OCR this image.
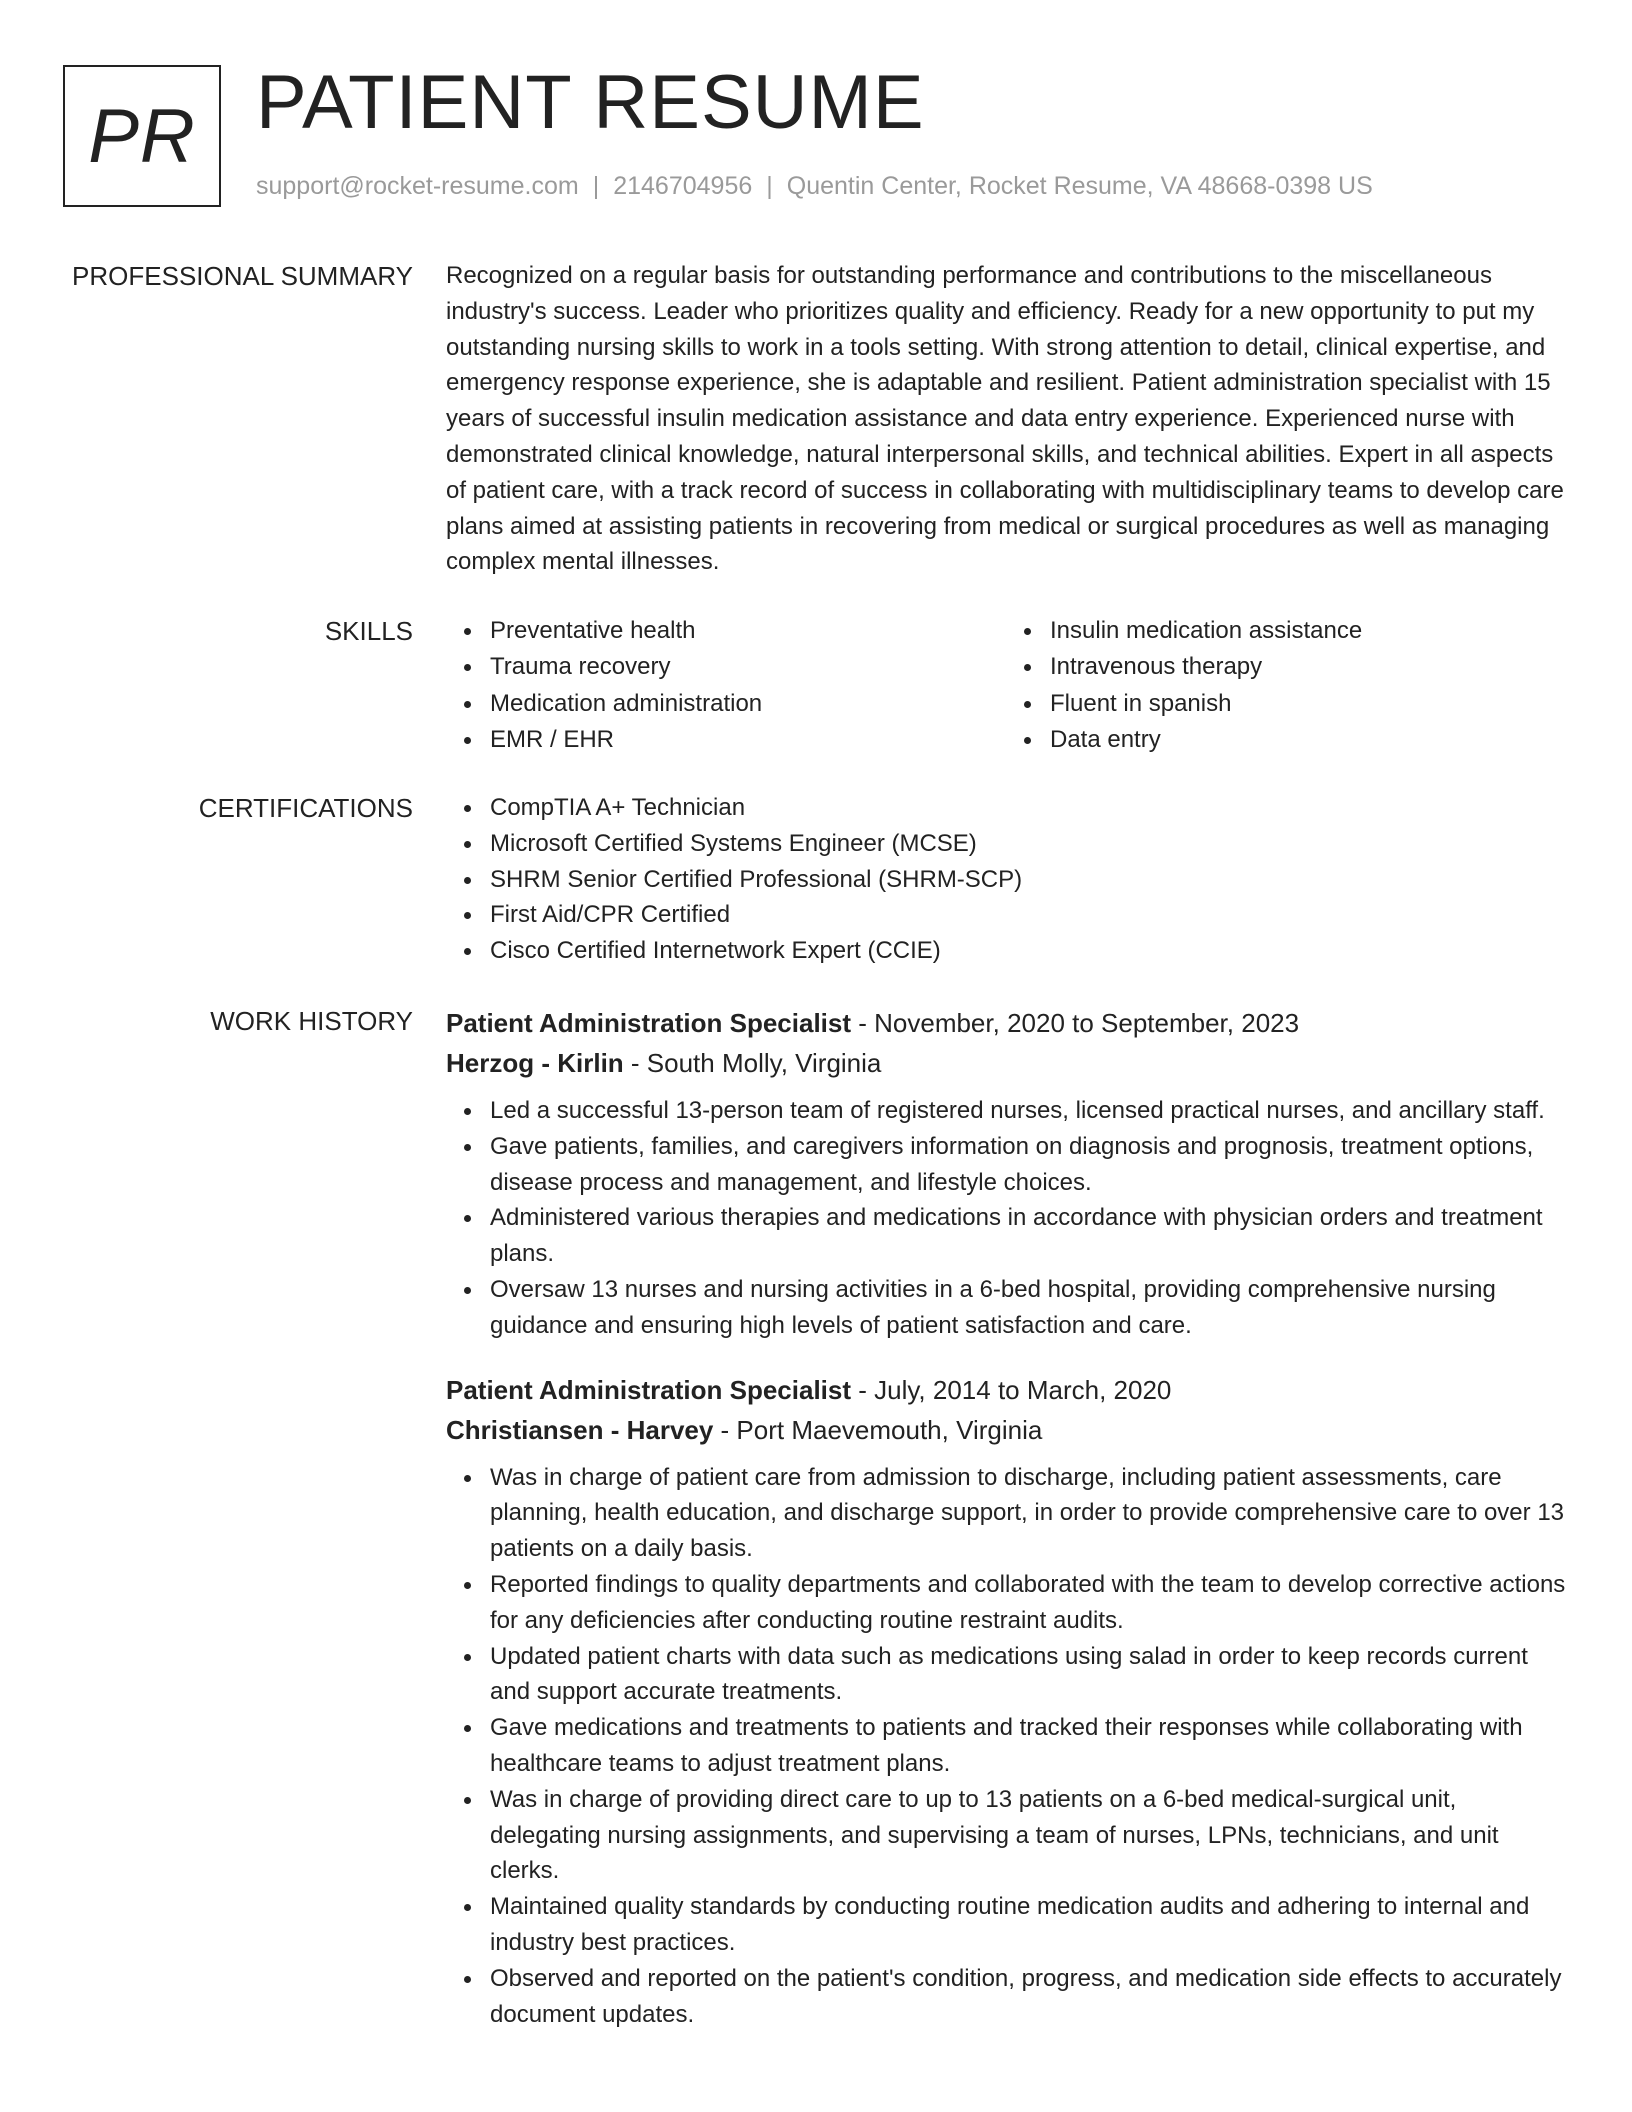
PR PATIENT RESUME
support@rocket-resume.com | 2146704956 | Quentin Center, Rocket Resume, VA 48668-0398 US
PROFESSIONAL SUMMARY Recognized on a regular basis for outstanding performance and contributions to the miscellaneous industry's success. Leader who prioritizes quality and efficiency. Ready for a new opportunity to put my outstanding nursing skills to work in a tools setting. With strong attention to detail, clinical expertise, and emergency response experience, she is adaptable and resilient. Patient administration specialist with 15 years of successful insulin medication assistance and data entry experience. Experienced nurse with demonstrated clinical knowledge, natural interpersonal skills, and technical abilities. Expert in all aspects of patient care, with a track record of success in collaborating with multidisciplinary teams to develop care plans aimed at assisting patients in recovering from medical or surgical procedures as well as managing complex mental illnesses.

SKILLS	Preventative health
Trauma recovery
Medication administration
EMR / EHR
Insulin medication assistance
Intravenous therapy
Fluent in spanish
Data entry
CERTIFICATIONS	CompTIA A+ Technician
Microsoft Certified Systems Engineer (MCSE)
SHRM Senior Certified Professional (SHRM-SCP)
First Aid/CPR Certified
Cisco Certified Internetwork Expert (CCIE)
WORK HISTORY Patient Administration Specialist - November, 2020 to September, 2023
Herzog - Kirlin - South Molly, Virginia
Led a successful 13-person team of registered nurses, licensed practical nurses, and ancillary staff.
Gave patients, families, and caregivers information on diagnosis and prognosis, treatment options, disease process and management, and lifestyle choices.
Administered various therapies and medications in accordance with physician orders and treatment plans.
Oversaw 13 nurses and nursing activities in a 6-bed hospital, providing comprehensive nursing guidance and ensuring high levels of patient satisfaction and care.
Patient Administration Specialist - July, 2014 to March, 2020
Christiansen - Harvey - Port Maevemouth, Virginia
Was in charge of patient care from admission to discharge, including patient assessments, care planning, health education, and discharge support, in order to provide comprehensive care to over 13 patients on a daily basis.
Reported findings to quality departments and collaborated with the team to develop corrective actions for any deficiencies after conducting routine restraint audits.
Updated patient charts with data such as medications using salad in order to keep records current and support accurate treatments.
Gave medications and treatments to patients and tracked their responses while collaborating with healthcare teams to adjust treatment plans.
Was in charge of providing direct care to up to 13 patients on a 6-bed medical-surgical unit, delegating nursing assignments, and supervising a team of nurses, LPNs, technicians, and unit clerks.
Maintained quality standards by conducting routine medication audits and adhering to internal and industry best practices.
Observed and reported on the patient's condition, progress, and medication side effects to accurately document updates.
